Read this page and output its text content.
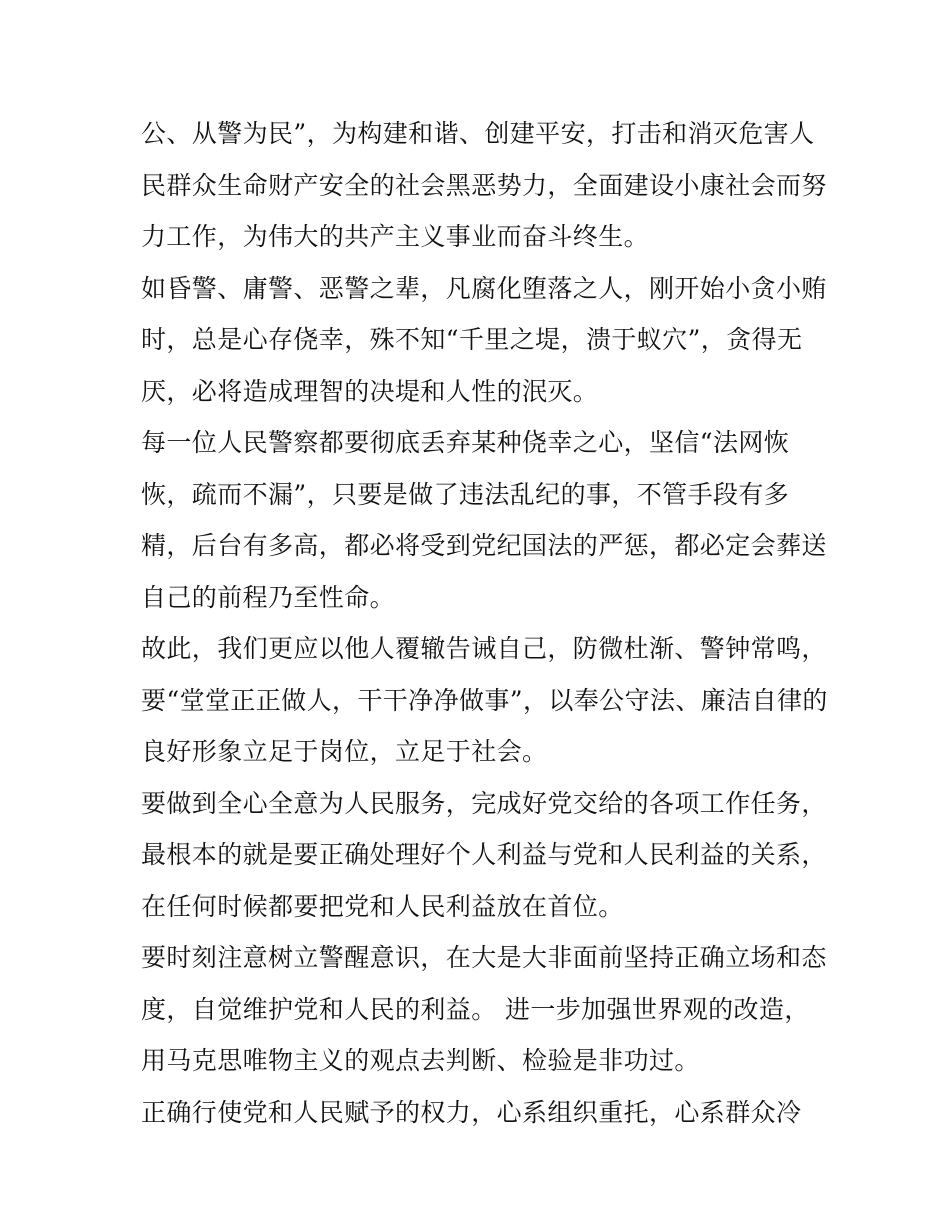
公、从警为民”，为构建和谐、创建平安，打击和消灭危害人
民群众生命财产安全的社会黑恶势力，全面建设小康社会而努
力工作，为伟大的共产主义事业而奋斗终生。
如昏警、庸警、恶警之辈，凡腐化堕落之人，刚开始小贪小贿
时，总是心存侥幸，殊不知“千里之堤，溃于蚁穴”，贪得无
厌，必将造成理智的决堤和人性的泯灭。
每一位人民警察都要彻底丢弃某种侥幸之心，坚信“法网恢
恢，疏而不漏”，只要是做了违法乱纪的事，不管手段有多
精，后台有多高，都必将受到党纪国法的严惩，都必定会葬送
自己的前程乃至性命。
故此，我们更应以他人覆辙告诫自己，防微杜渐、警钟常鸣，
要“堂堂正正做人，干干净净做事”，以奉公守法、廉洁自律的
良好形象立足于岗位，立足于社会。
要做到全心全意为人民服务，完成好党交给的各项工作任务，
最根本的就是要正确处理好个人利益与党和人民利益的关系，
在任何时候都要把党和人民利益放在首位。
要时刻注意树立警醒意识，在大是大非面前坚持正确立场和态
度，自觉维护党和人民的利益。 进一步加强世界观的改造，
用马克思唯物主义的观点去判断、检验是非功过。
正确行使党和人民赋予的权力，心系组织重托，心系群众冷
